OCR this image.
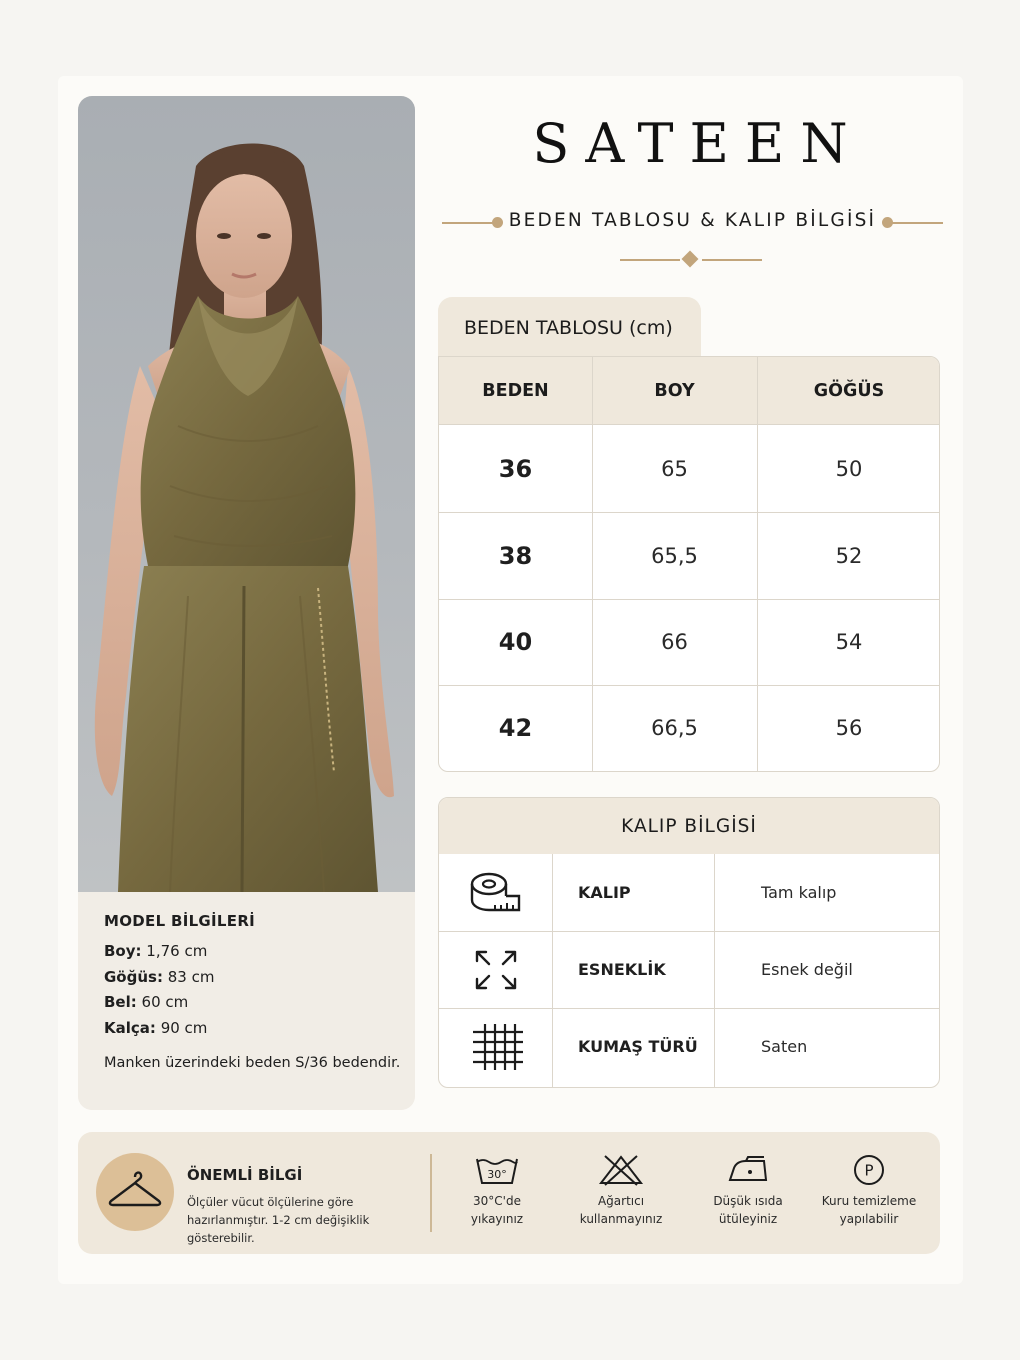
MODEL BİLGİLERİ
Boy: 1,76 cm
Göğüs: 83 cm
Bel: 60 cm
Kalça: 90 cm
Manken üzerindeki beden S/36 bedendir.
SATEEN
BEDEN TABLOSU & KALIP BİLGİSİ
BEDEN TABLOSU (cm)
BEDEN	BOY	GÖĞÜS
36	65	50
38	65,5	52
40	66	54
42	66,5	56
KALIP BİLGİSİ
KALIP	Tam kalıp
ESNEKLİK	Esnek değil
KUMAŞ TÜRÜ	Saten
ÖNEMLİ BİLGİ
Ölçüler vücut ölçülerine göre hazırlanmıştır. 1-2 cm değişiklik gösterebilir.
30°
30°C'de
yıkayınız
Ağartıcı
kullanmayınız
Düşük ısıda
ütüleyiniz
P
Kuru temizleme
yapılabilir
